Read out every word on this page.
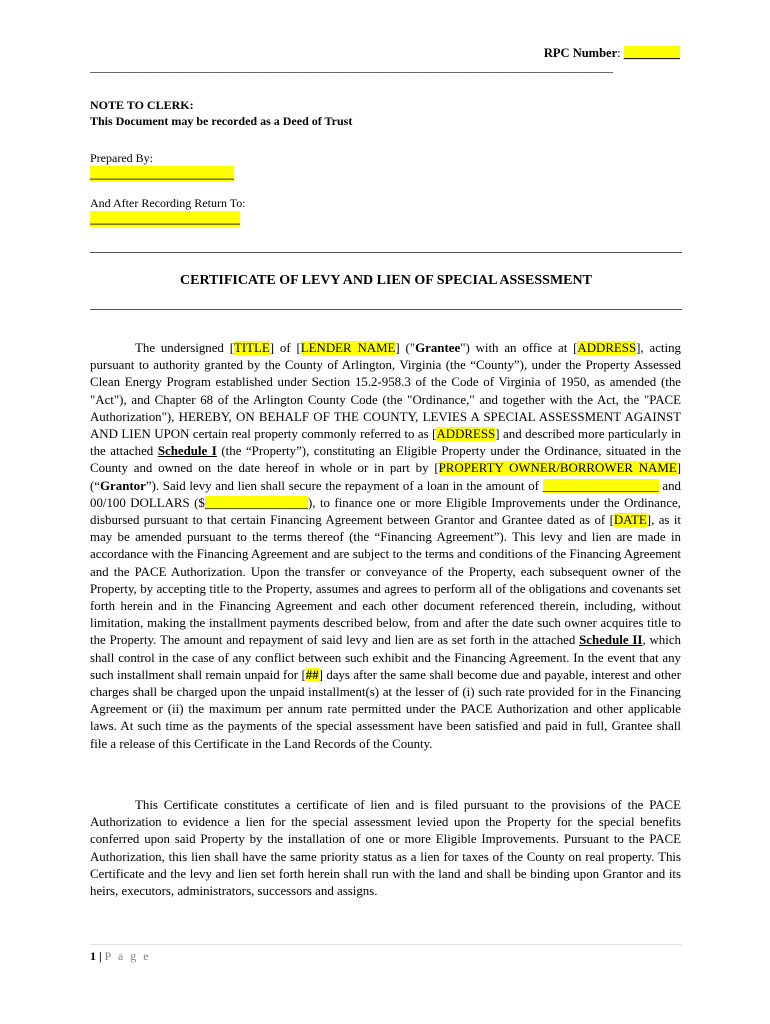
RPC Number: _________
_______________________________________________________________________________________________
NOTE TO CLERK:
This Document may be recorded as a Deed of Trust
Prepared By:
________________________
And After Recording Return To:
_________________________
CERTIFICATE OF LEVY AND LIEN OF SPECIAL ASSESSMENT

The undersigned [TITLE] of [LENDER NAME] ("Grantee") with an office at [ADDRESS], acting pursuant to authority granted by the County of Arlington, Virginia (the “County”), under the Property Assessed Clean Energy Program established under Section 15.2-958.3 of the Code of Virginia of 1950, as amended (the "Act"), and Chapter 68 of the Arlington County Code (the "Ordinance," and together with the Act, the "PACE Authorization"), HEREBY, ON BEHALF OF THE COUNTY, LEVIES A SPECIAL ASSESSMENT AGAINST AND LIEN UPON certain real property commonly referred to as [ADDRESS] and described more particularly in the attached Schedule I (the “Property”), constituting an Eligible Property under the Ordinance, situated in the County and owned on the date hereof in whole or in part by [PROPERTY OWNER/BORROWER NAME] (“Grantor”). Said levy and lien shall secure the repayment of a loan in the amount of __________________ and 00/100 DOLLARS ($________________), to finance one or more Eligible Improvements under the Ordinance, disbursed pursuant to that certain Financing Agreement between Grantor and Grantee dated as of [DATE], as it may be amended pursuant to the terms thereof (the “Financing Agreement”). This levy and lien are made in accordance with the Financing Agreement and are subject to the terms and conditions of the Financing Agreement and the PACE Authorization. Upon the transfer or conveyance of the Property, each subsequent owner of the Property, by accepting title to the Property, assumes and agrees to perform all of the obligations and covenants set forth herein and in the Financing Agreement and each other document referenced therein, including, without limitation, making the installment payments described below, from and after the date such owner acquires title to the Property. The amount and repayment of said levy and lien are as set forth in the attached Schedule II, which shall control in the case of any conflict between such exhibit and the Financing Agreement. In the event that any such installment shall remain unpaid for [##] days after the same shall become due and payable, interest and other charges shall be charged upon the unpaid installment(s) at the lesser of (i) such rate provided for in the Financing Agreement or (ii) the maximum per annum rate permitted under the PACE Authorization and other applicable laws. At such time as the payments of the special assessment have been satisfied and paid in full, Grantee shall file a release of this Certificate in the Land Records of the County.

This Certificate constitutes a certificate of lien and is filed pursuant to the provisions of the PACE Authorization to evidence a lien for the special assessment levied upon the Property for the special benefits conferred upon said Property by the installation of one or more Eligible Improvements. Pursuant to the PACE Authorization, this lien shall have the same priority status as a lien for taxes of the County on real property. This Certificate and the levy and lien set forth herein shall run with the land and shall be binding upon Grantor and its heirs, executors, administrators, successors and assigns.

1 | P a g e
